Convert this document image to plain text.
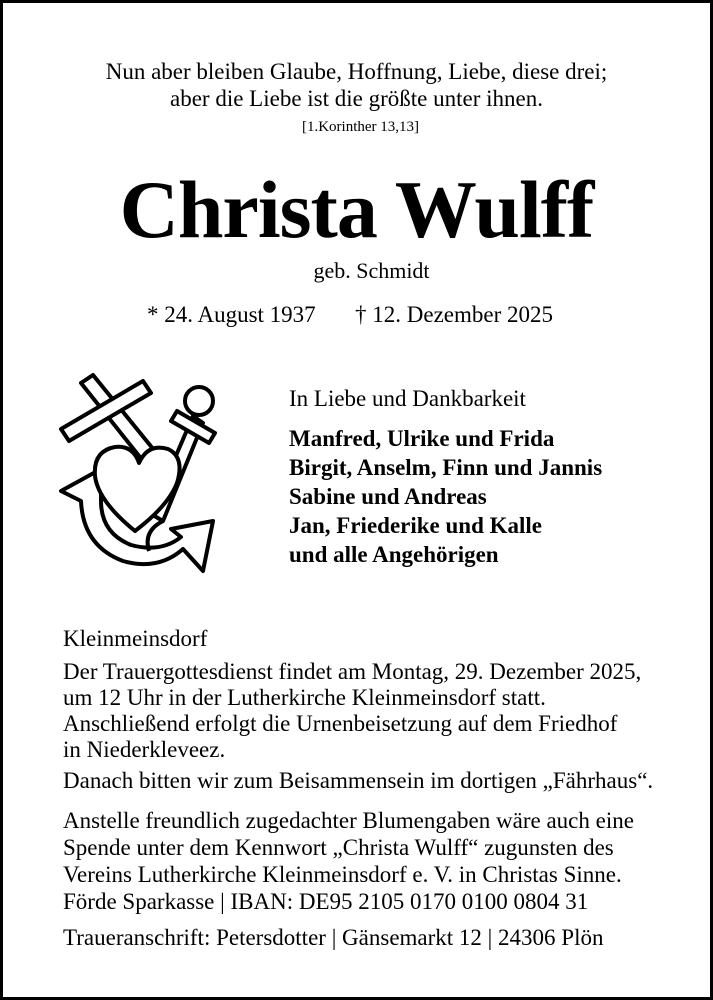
Nun aber bleiben Glaube, Hoffnung, Liebe, diese drei;
aber die Liebe ist die größte unter ihnen.
[1.Korinther 13,13]
Christa Wulff
geb. Schmidt
* 24. August 1937 † 12. Dezember 2025
In Liebe und Dankbarkeit
Manfred, Ulrike und Frida
Birgit, Anselm, Finn und Jannis
Sabine und Andreas
Jan, Friederike und Kalle
und alle Angehörigen
Kleinmeinsdorf
Der Trauergottesdienst findet am Montag, 29. Dezember 2025,
um 12 Uhr in der Lutherkirche Kleinmeinsdorf statt.
Anschließend erfolgt die Urnenbeisetzung auf dem Friedhof
in Niederkleveez.
Danach bitten wir zum Beisammensein im dortigen „Fährhaus“.
Anstelle freundlich zugedachter Blumengaben wäre auch eine
Spende unter dem Kennwort „Christa Wulff“ zugunsten des
Vereins Lutherkirche Kleinmeinsdorf e. V. in Christas Sinne.
Förde Sparkasse | IBAN: DE95 2105 0170 0100 0804 31
Traueranschrift: Petersdotter | Gänsemarkt 12 | 24306 Plön
